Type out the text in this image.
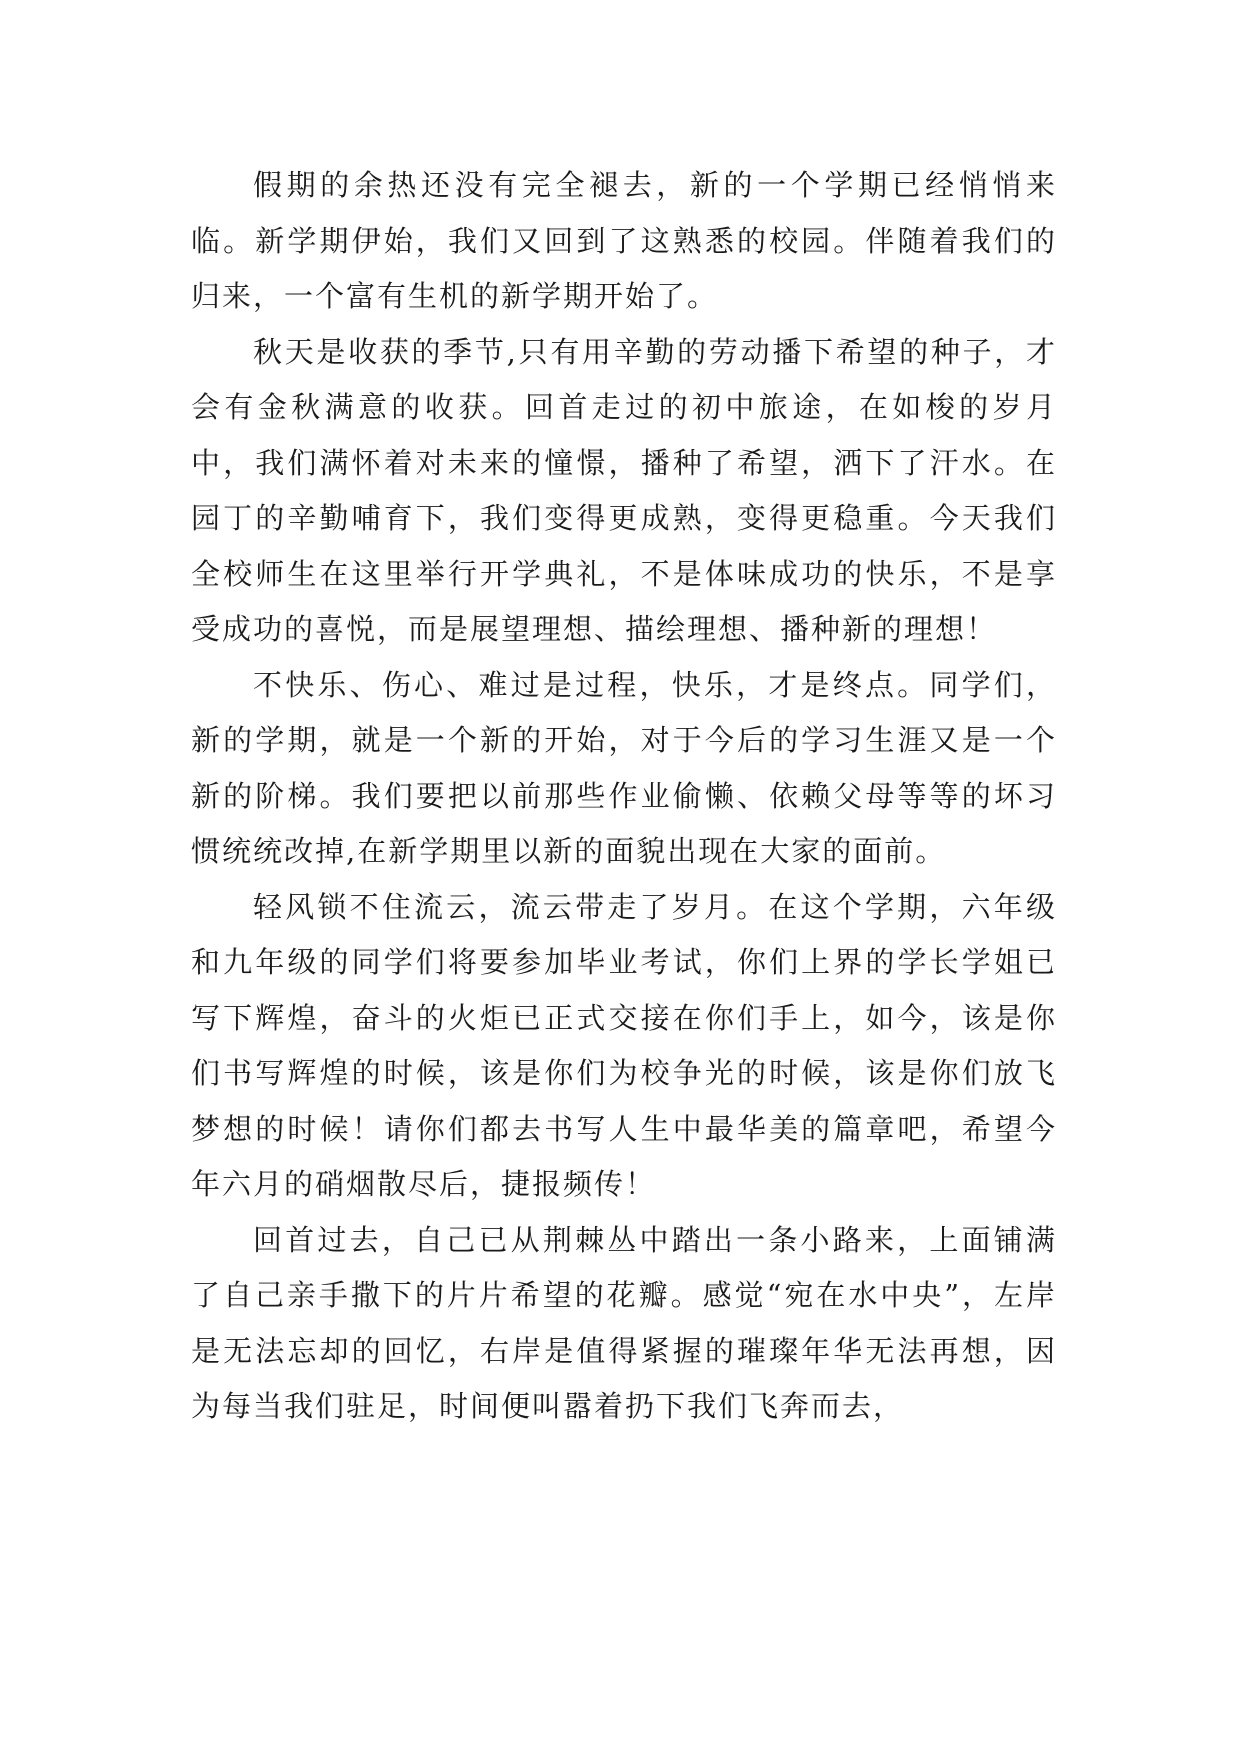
假期的余热还没有完全褪去，新的一个学期已经悄悄来临。新学期伊始，我们又回到了这熟悉的校园。伴随着我们的归来，一个富有生机的新学期开始了。

秋天是收获的季节,只有用辛勤的劳动播下希望的种子，才会有金秋满意的收获。回首走过的初中旅途，在如梭的岁月中，我们满怀着对未来的憧憬，播种了希望，洒下了汗水。在园丁的辛勤哺育下，我们变得更成熟，变得更稳重。今天我们全校师生在这里举行开学典礼，不是体味成功的快乐，不是享受成功的喜悦，而是展望理想、描绘理想、播种新的理想！

不快乐、伤心、难过是过程，快乐，才是终点。同学们，新的学期，就是一个新的开始，对于今后的学习生涯又是一个新的阶梯。我们要把以前那些作业偷懒、依赖父母等等的坏习惯统统改掉,在新学期里以新的面貌出现在大家的面前。

轻风锁不住流云，流云带走了岁月。在这个学期，六年级和九年级的同学们将要参加毕业考试，你们上界的学长学姐已写下辉煌，奋斗的火炬已正式交接在你们手上，如今，该是你们书写辉煌的时候，该是你们为校争光的时候，该是你们放飞梦想的时候！请你们都去书写人生中最华美的篇章吧，希望今年六月的硝烟散尽后，捷报频传！

回首过去，自己已从荆棘丛中踏出一条小路来，上面铺满了自己亲手撒下的片片希望的花瓣。感觉“宛在水中央”，左岸是无法忘却的回忆，右岸是值得紧握的璀璨年华无法再想，因为每当我们驻足，时间便叫嚣着扔下我们飞奔而去，
